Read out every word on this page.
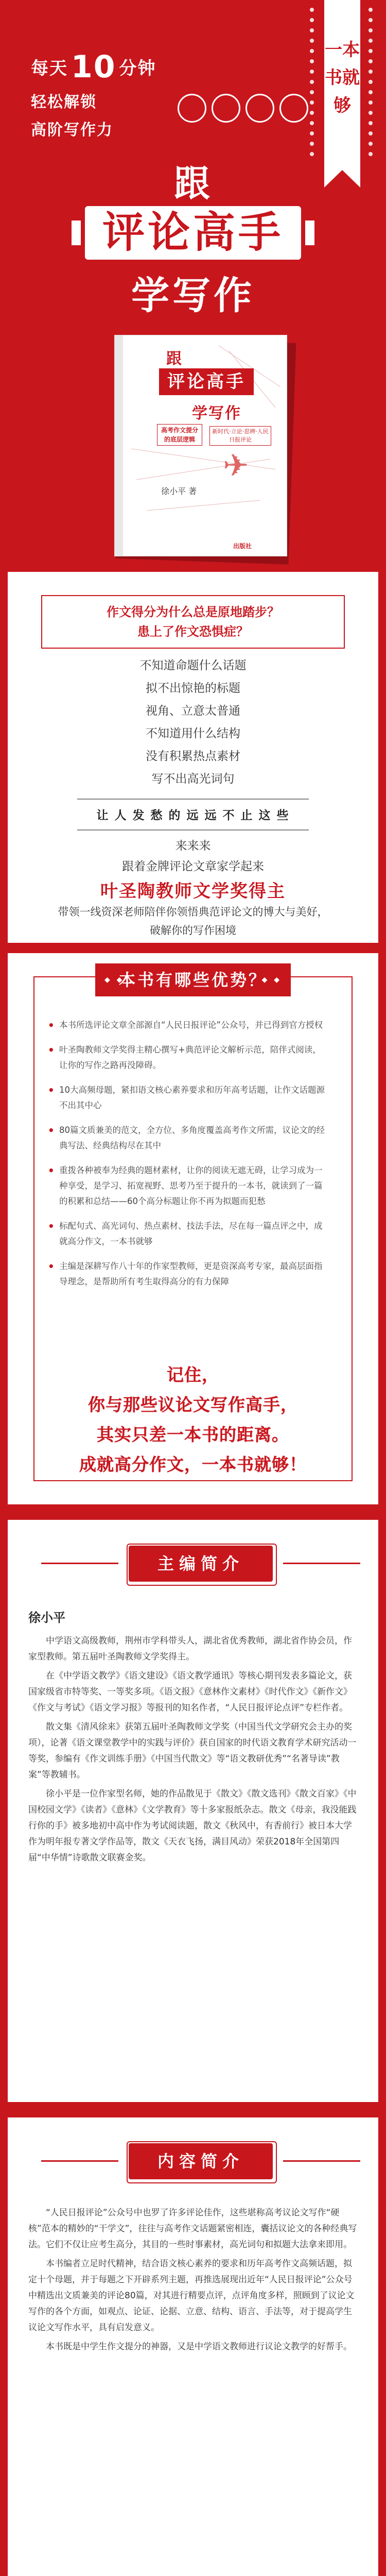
每天 10 分钟
轻松解锁
高阶写作力
一本书就够
跟
评论高手
学写作
跟
评论高手
学写作
高考作文提分的底层逻辑
新时代·立论·思辨·人民日报评论
✈
徐小平 著
出版社

作文得分为什么总是原地踏步？

患上了作文恐惧症？

不知道命题什么话题

拟不出惊艳的标题

视角、立意太普通

不知道用什么结构

没有积累热点素材

写不出高光词句

让 人 发 愁 的 远 远 不 止 这 些

来来来

跟着金牌评论文章家学起来

叶圣陶教师文学奖得主
带领一线资深老师陪伴你领悟典范评论文的博大与美好，破解你的写作困境
◆ ◆ 本书有哪些优势？ ◆ ◆
• 本书所选评论文章全部源自“人民日报评论”公众号，并已得到官方授权
• 叶圣陶教师文学奖得主精心撰写+典范评论文解析示范，陪伴式阅读，让你的写作之路再没障碍。
• 10大高频母题，紧扣语文核心素养要求和历年高考话题，让作文话题源不出其中心
• 80篇文质兼美的范文，全方位、多角度覆盖高考作文所需，议论文的经典写法、经典结构尽在其中
• 重拨各种被奉为经典的题材素材，让你的阅读无遮无碍，让学习成为一种享受，是学习、拓宽视野、思考乃至于提升的一本书，就读到了一篇的积累和总结——60个高分标题让你不再为拟题而犯愁
• 标配句式、高光词句、热点素材、技法手法，尽在每一篇点评之中，成就高分作文，一本书就够
• 主编是深耕写作八十年的作家型教师，更是资深高考专家，最高层面指导理念，是帮助所有考生取得高分的有力保障

记住，

你与那些议论文写作高手，

其实只差一本书的距离。

成就高分作文，一本书就够！

主编简介
徐小平

中学语文高级教师，荆州市学科带头人，湖北省优秀教师，湖北省作协会员，作家型教师。第五届叶圣陶教师文学奖得主。

在《中学语文教学》《语文建设》《语文教学通讯》等核心期刊发表多篇论文，获国家级省市特等奖、一等奖多项。《语文报》《意林作文素材》《时代作文》《新作文》《作文与考试》《语文学习报》等报刊的知名作者，“人民日报评论点评”专栏作者。

散文集《清风徐来》获第五届叶圣陶教师文学奖（中国当代文学研究会主办的奖项），论著《语文课堂教学中的实践与评价》获自国家的时代语文教育学术研究活动一等奖，参编有《作文训练手册》《中国当代散文》等“语文教研优秀”“名著导读”教案”等教辅书。

徐小平是一位作家型名师，她的作品散见于《散文》《散文选刊》《散文百家》《中国校园文学》《读者》《意林》《文学教育》等十多家报纸杂志。散文《母亲，我没能践行你的手》被多地初中高中作为考试阅读题，散文《秋风中，有香前行》被日本大学作为明年报专著文学作品等，散文《天衣飞扬，满目风动》荣获2018年全国第四届“中华情”诗歌散文联赛金奖。

内容简介

“人民日报评论”公众号中也罗了许多评论佳作，这些堪称高考议论文写作“硬核”范本的精妙的“干学文”，往往与高考作文话题紧密相连，囊括议论文的各种经典写法。它们不仅让应考生高分，其目的一些时事素材，高光词句和拟题大法拿来即用。

本书编者立足时代精神，结合语文核心素养的要求和历年高考作文高频话题，拟定十个母题，并于每题之下开辟系列主题，再推选展现出近年“人民日报评论”公众号中精选出文质兼美的评论80篇，对其进行精要点评，点评角度多样，照顾到了议论文写作的各个方面，如观点、论证、论据、立意、结构、语言、手法等，对于提高学生议论文写作水平，具有启发意义。

本书既是中学生作文提分的神器，又是中学语文教师进行议论文教学的好帮手。
